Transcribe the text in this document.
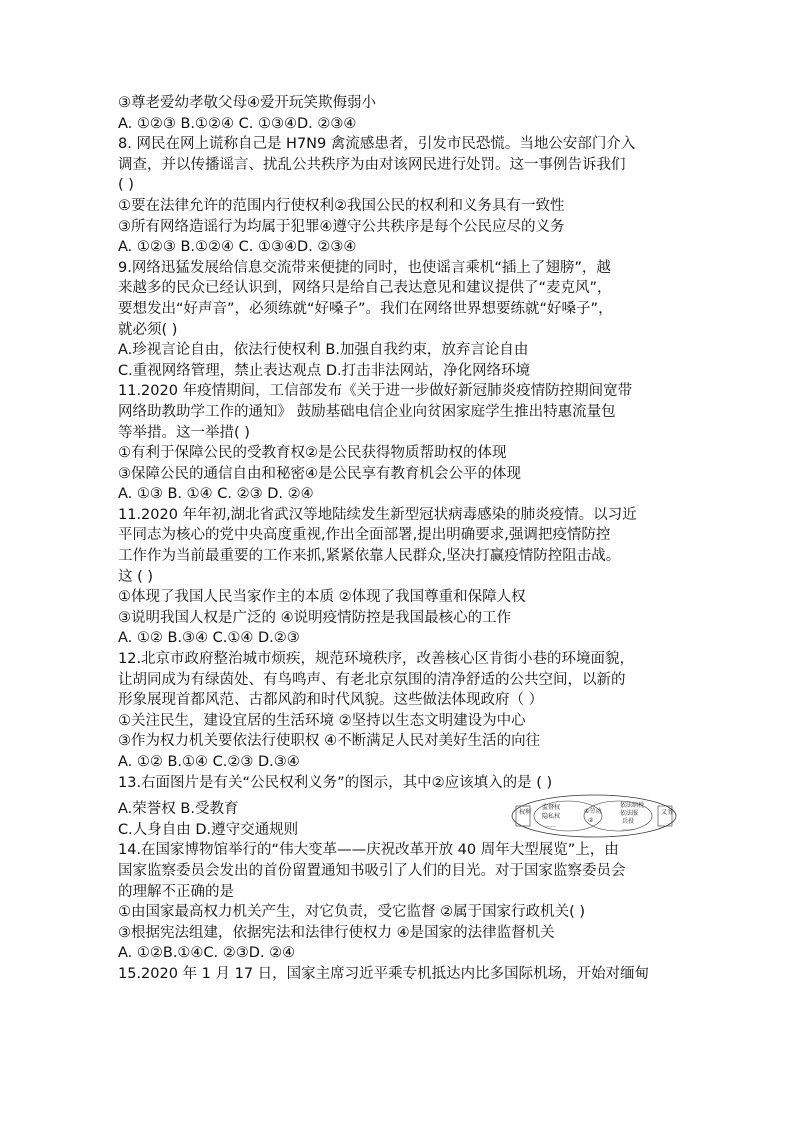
③尊老爱幼孝敬父母④爱开玩笑欺侮弱小
A. ①②③ B.①②④ C. ①③④D. ②③④
8. 网民在网上谎称自己是 H7N9 禽流感患者，引发市民恐慌。当地公安部门介入
调查，并以传播谣言、扰乱公共秩序为由对该网民进行处罚。这一事例告诉我们
( )
①要在法律允许的范围内行使权利②我国公民的权利和义务具有一致性
③所有网络造谣行为均属于犯罪④遵守公共秩序是每个公民应尽的义务
A. ①②③ B.①②④ C. ①③④D. ②③④
9.网络迅猛发展给信息交流带来便捷的同时，也使谣言乘机“插上了翅膀”，越
来越多的民众已经认识到，网络只是给自己表达意见和建议提供了“麦克风”，
要想发出“好声音”，必须练就“好嗓子”。我们在网络世界想要练就“好嗓子”，
就必须( )
A.珍视言论自由，依法行使权利 B.加强自我约束，放弃言论自由
C.重视网络管理，禁止表达观点 D.打击非法网站，净化网络环境
11.2020 年疫情期间，工信部发布《关于进一步做好新冠肺炎疫情防控期间宽带
网络助教助学工作的通知》 鼓励基础电信企业向贫困家庭学生推出特惠流量包
等举措。这一举措( )
①有利于保障公民的受教育权②是公民获得物质帮助权的体现
③保障公民的通信自由和秘密④是公民享有教育机会公平的体现
A. ①③ B. ①④ C. ②③ D. ②④
11.2020 年年初,湖北省武汉等地陆续发生新型冠状病毒感染的肺炎疫情。以习近
平同志为核心的党中央高度重视,作出全面部署,提出明确要求,强调把疫情防控
工作作为当前最重要的工作来抓,紧紧依靠人民群众,坚决打赢疫情防控阻击战。
这 ( )
①体现了我国人民当家作主的本质 ②体现了我国尊重和保障人权
③说明我国人权是广泛的 ④说明疫情防控是我国最核心的工作
A. ①② B.③④ C.①④ D.②③
12.北京市政府整治城市烦疾，规范环境秩序，改善核心区肯街小巷的环境面貌，
让胡同成为有绿茵处、有鸟鸣声、有老北京氛围的清净舒适的公共空间，以新的
形象展现首都风范、古都风韵和时代风貌。这些做法体现政府（ ）
①关注民生，建设宜居的生活环境 ②坚持以生态文明建设为中心
③作为权力机关要依法行使职权 ④不断满足人民对美好生活的向往
A. ①② B.①④ C.②③ D.③④
13.右面图片是有关“公民权利义务”的图示，其中②应该填入的是 ( )
权利	义务
监督权
隐私权
……
①劳动
②
依法纳税
依法服
兵役
……
A.荣誉权 B.受教育
C.人身自由 D.遵守交通规则
14.在国家博物馆举行的“伟大变革——庆祝改革开放 40 周年大型展览”上，由
国家监察委员会发出的首份留置通知书吸引了人们的目光。对于国家监察委员会
的理解不正确的是
①由国家最高权力机关产生，对它负责，受它监督 ②属于国家行政机关( )
③根据宪法组建，依据宪法和法律行使权力 ④是国家的法律监督机关
A. ①②B.①④C. ②③D. ②④
15.2020 年 1 月 17 日，国家主席习近平乘专机抵达内比多国际机场，开始对缅甸
